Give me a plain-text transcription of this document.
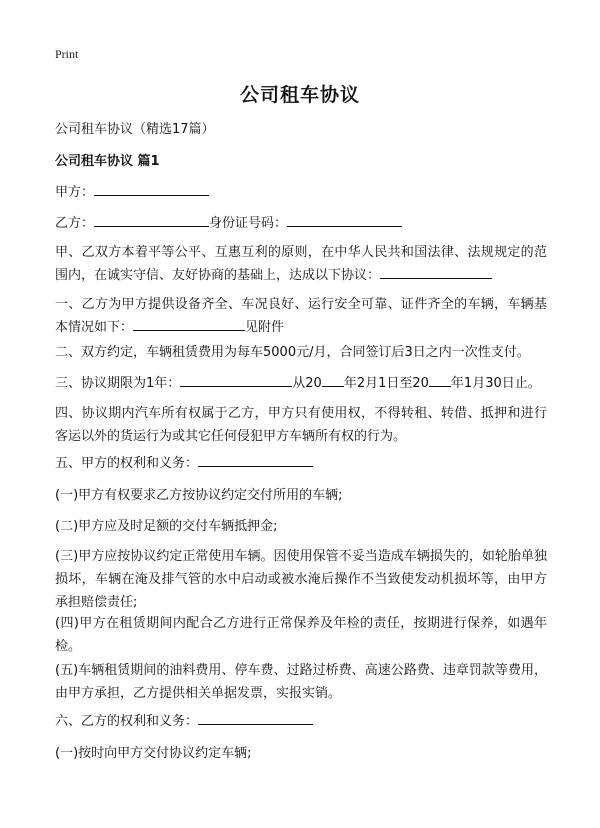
Print
公司租车协议
公司租车协议（精选17篇）
公司租车协议 篇1
甲方：
乙方：	身份证号码：
甲、乙双方本着平等公平、互惠互利的原则，在中华人民共和国法律、法规规定的范围内，在诚实守信、友好协商的基础上，达成以下协议：
一、乙方为甲方提供设备齐全、车况良好、运行安全可靠、证件齐全的车辆，车辆基本情况如下：	见附件
二、双方约定，车辆租赁费用为每车5000元/月，合同签订后3日之内一次性支付。
三、协议期限为1年：	从20 年2月1日至20 年1月30日止。
四、协议期内汽车所有权属于乙方，甲方只有使用权，不得转租、转借、抵押和进行客运以外的货运行为或其它任何侵犯甲方车辆所有权的行为。
五、甲方的权利和义务：
(一)甲方有权要求乙方按协议约定交付所用的车辆;
(二)甲方应及时足额的交付车辆抵押金;
(三)甲方应按协议约定正常使用车辆。因使用保管不妥当造成车辆损失的，如轮胎单独损坏，车辆在淹及排气管的水中启动或被水淹后操作不当致使发动机损坏等，由甲方承担赔偿责任;
(四)甲方在租赁期间内配合乙方进行正常保养及年检的责任，按期进行保养，如遇年检。
(五)车辆租赁期间的油料费用、停车费、过路过桥费、高速公路费、违章罚款等费用，由甲方承担，乙方提供相关单据发票，实报实销。
六、乙方的权利和义务：
(一)按时向甲方交付协议约定车辆;
